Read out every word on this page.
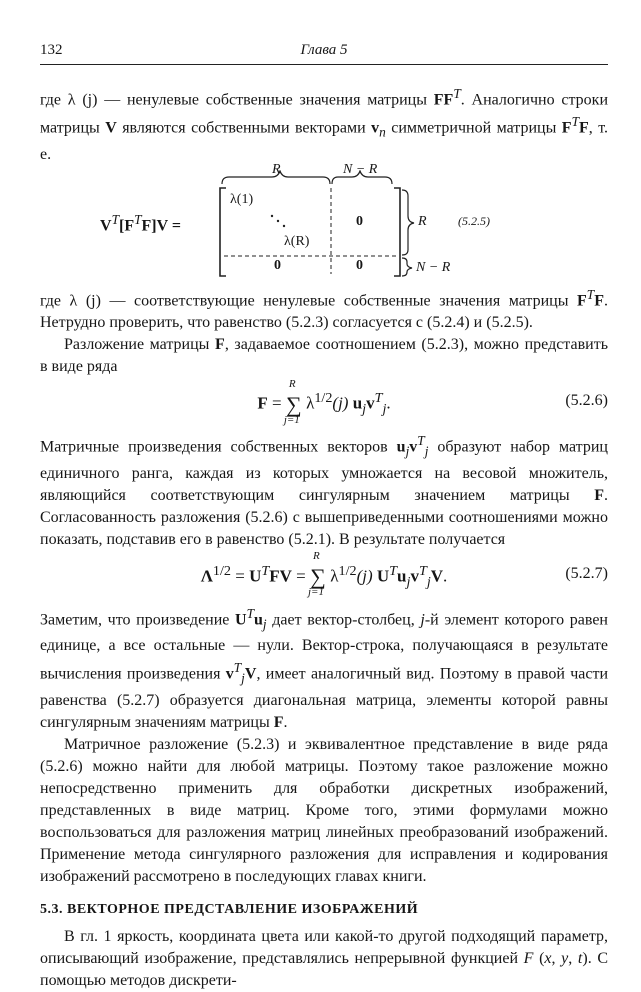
132	Глава 5

где λ (j) — ненулевые собственные значения матрицы $FF^T$. Аналогично строки матрицы V являются собственными векторами $v_n$ симметричной матрицы $F^TF$, т. е.

R	N − R
$V^T[F^TF]V$ =
λ(1)
λ(R)
0
0	0
R
N − R
(5.2.5)

где λ (j) — соответствующие ненулевые собственные значения матрицы $F^TF$. Нетрудно проверить, что равенство (5.2.3) согласуется с (5.2.4) и (5.2.5).

Разложение матрицы F, задаваемое соотношением (5.2.3), можно представить в виде ряда

F = ∑
R
j=1
$\lambda^{1/2}(j)$ $u_jv^T_j$.	(5.2.6)

Матричные произведения собственных векторов $u_jv^T_j$ образуют набор матриц единичного ранга, каждая из которых умножается на весовой множитель, являющийся соответствующим сингулярным значением матрицы F. Согласованность разложения (5.2.6) с вышеприведенными соотношениями можно показать, подставив его в равенство (5.2.1). В результате получается

$\Lambda^{1/2} = U^TFV$ = ∑
R
j=1
$\lambda^{1/2}(j)$ $U^Tu_jv^T_jV$.	(5.2.7)

Заметим, что произведение $U^Tu_j$ дает вектор-столбец, j-й элемент которого равен единице, а все остальные — нули. Вектор-строка, получающаяся в результате вычисления произведения $v^T_jV$, имеет аналогичный вид. Поэтому в правой части равенства (5.2.7) образуется диагональная матрица, элементы которой равны сингулярным значениям матрицы F.

Матричное разложение (5.2.3) и эквивалентное представление в виде ряда (5.2.6) можно найти для любой матрицы. Поэтому такое разложение можно непосредственно применить для обработки дискретных изображений, представленных в виде матриц. Кроме того, этими формулами можно воспользоваться для разложения матриц линейных преобразований изображений. Применение метода сингулярного разложения для исправления и кодирования изображений рассмотрено в последующих главах книги.

5.3. ВЕКТОРНОЕ ПРЕДСТАВЛЕНИЕ ИЗОБРАЖЕНИЙ

В гл. 1 яркость, координата цвета или какой-то другой подходящий параметр, описывающий изображение, представлялись непрерывной функцией F (x, y, t). С помощью методов дискрети-
